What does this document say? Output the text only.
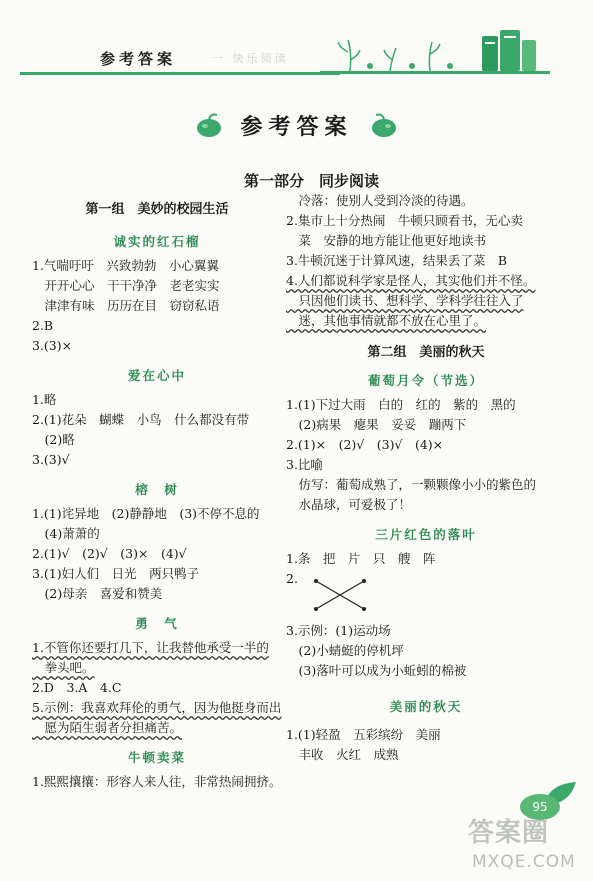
参考答案	一 快乐阅读
参考答案
第一部分　同步阅读

第一组　美妙的校园生活

诚实的红石榴

1.气喘吁吁　兴致勃勃　小心翼翼

　开开心心　干干净净　老老实实

　津津有味　历历在目　窃窃私语

2.B

3.(3)×

爱在心中

1.略

2.(1)花朵　蝴蝶　小鸟　什么都没有带

　(2)略

3.(3)√

榕　树

1.(1)诧异地　(2)静静地　(3)不停不息的

　(4)萧萧的

2.(1)√　(2)√　(3)×　(4)√

3.(1)妇人们　日光　两只鸭子

　(2)母亲　喜爱和赞美

勇　气

1.不管你还要打几下，让我替他承受一半的

　拳头吧。

2.D　3.A　4.C

5.示例：我喜欢拜伦的勇气，因为他挺身而出

　愿为陌生弱者分担痛苦。

牛顿卖菜

1.熙熙攘攘：形容人来人往，非常热闹拥挤。

　冷落：使别人受到冷淡的待遇。

2.集市上十分热闹　牛顿只顾看书，无心卖

　菜　安静的地方能让他更好地读书

3.牛顿沉迷于计算风速，结果丢了菜　B

4.人们都说科学家是怪人，其实他们并不怪。

　只因他们读书、想科学、学科学往往入了

　迷，其他事情就都不放在心里了。

第二组　美丽的秋天

葡萄月令（节选）

1.(1)下过大雨　白的　红的　紫的　黑的

　(2)病果　瘪果　妥妥　蹦两下

2.(1)×　(2)√　(3)√　(4)×

3.比喻

　仿写：葡萄成熟了，一颗颗像小小的紫色的

　水晶球，可爱极了！

三片红色的落叶

1.条　把　片　只　艘　阵

2.

3.示例：(1)运动场

　(2)小蜻蜓的停机坪

　(3)落叶可以成为小蚯蚓的棉被

美丽的秋天

1.(1)轻盈　五彩缤纷　美丽

　丰收　火红　成熟

95
答案圈
MXQE.COM
